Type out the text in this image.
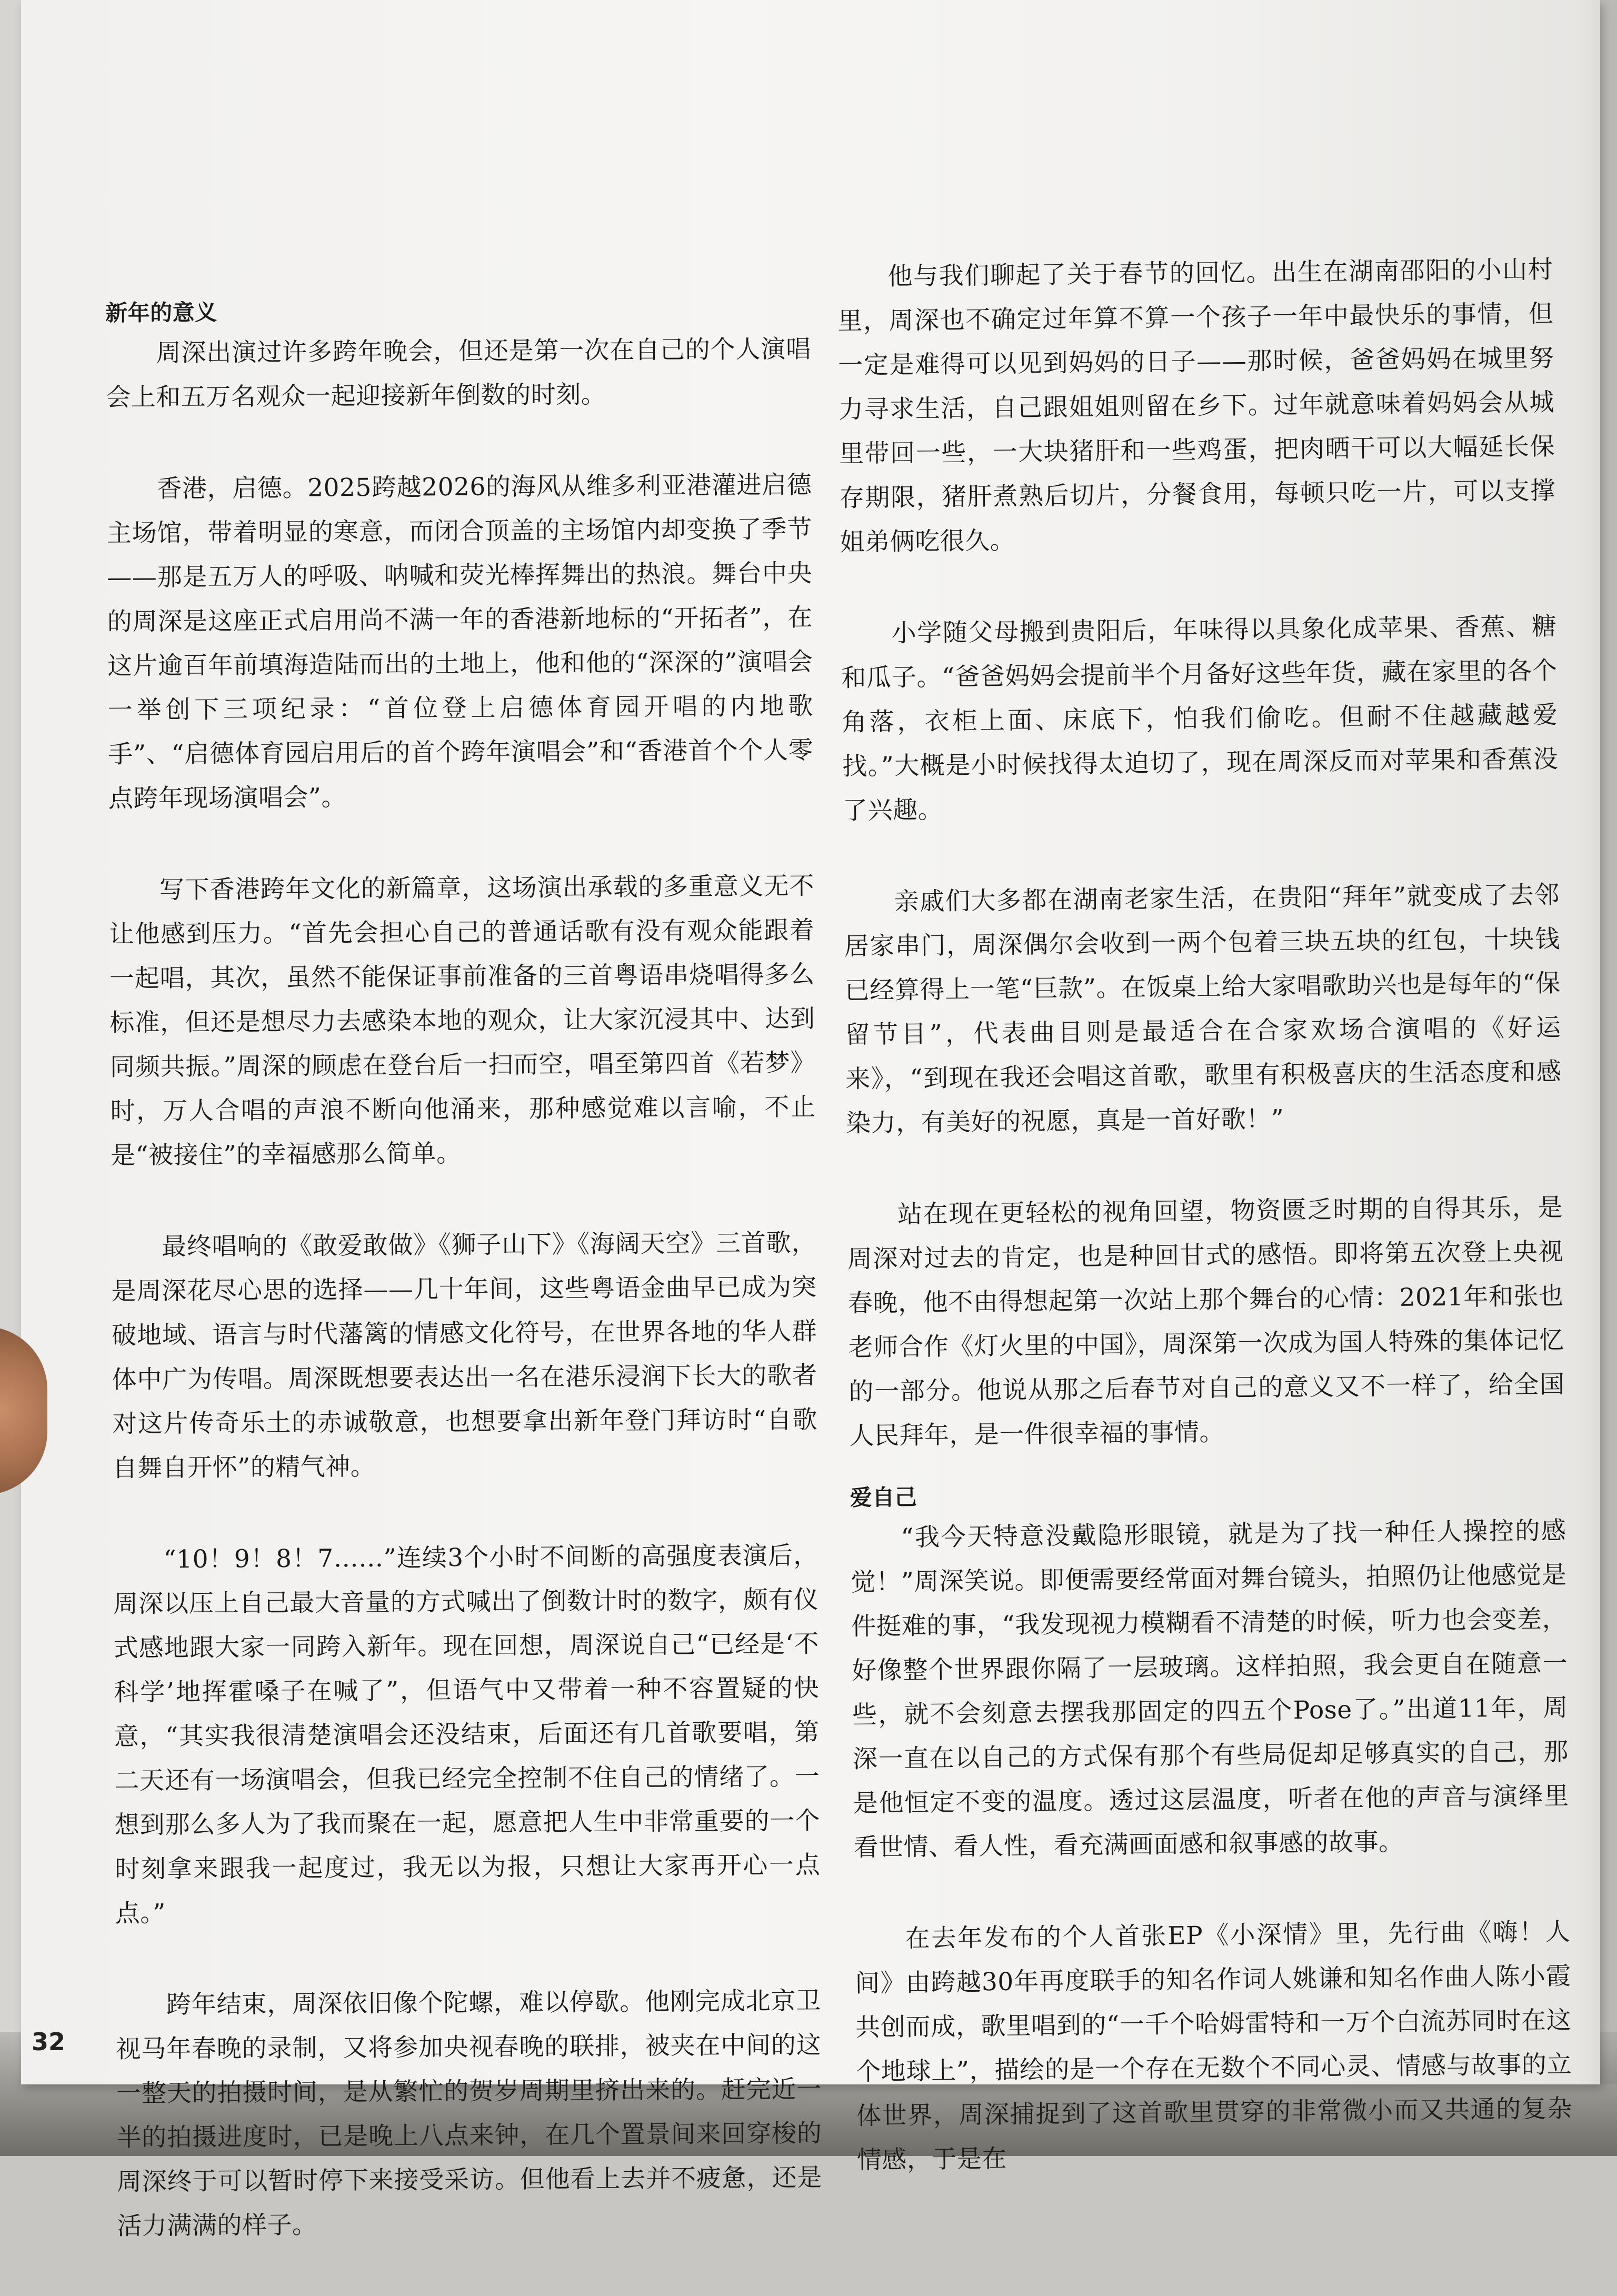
新年的意义

周深出演过许多跨年晚会，但还是第一次在自己的个人演唱会上和五万名观众一起迎接新年倒数的时刻。

香港，启德。2025跨越2026的海风从维多利亚港灌进启德主场馆，带着明显的寒意，而闭合顶盖的主场馆内却变换了季节——那是五万人的呼吸、呐喊和荧光棒挥舞出的热浪。舞台中央的周深是这座正式启用尚不满一年的香港新地标的“开拓者”，在这片逾百年前填海造陆而出的土地上，他和他的“深深的”演唱会一举创下三项纪录：“首位登上启德体育园开唱的内地歌手”、“启德体育园启用后的首个跨年演唱会”和“香港首个个人零点跨年现场演唱会”。

写下香港跨年文化的新篇章，这场演出承载的多重意义无不让他感到压力。“首先会担心自己的普通话歌有没有观众能跟着一起唱，其次，虽然不能保证事前准备的三首粤语串烧唱得多么标准，但还是想尽力去感染本地的观众，让大家沉浸其中、达到同频共振。”周深的顾虑在登台后一扫而空，唱至第四首《若梦》时，万人合唱的声浪不断向他涌来，那种感觉难以言喻，不止是“被接住”的幸福感那么简单。

最终唱响的《敢爱敢做》《狮子山下》《海阔天空》三首歌，是周深花尽心思的选择——几十年间，这些粤语金曲早已成为突破地域、语言与时代藩篱的情感文化符号，在世界各地的华人群体中广为传唱。周深既想要表达出一名在港乐浸润下长大的歌者对这片传奇乐土的赤诚敬意，也想要拿出新年登门拜访时“自歌自舞自开怀”的精气神。

“10！9！8！7……”连续3个小时不间断的高强度表演后，周深以压上自己最大音量的方式喊出了倒数计时的数字，颇有仪式感地跟大家一同跨入新年。现在回想，周深说自己“已经是‘不科学’地挥霍嗓子在喊了”，但语气中又带着一种不容置疑的快意，“其实我很清楚演唱会还没结束，后面还有几首歌要唱，第二天还有一场演唱会，但我已经完全控制不住自己的情绪了。一想到那么多人为了我而聚在一起，愿意把人生中非常重要的一个时刻拿来跟我一起度过，我无以为报，只想让大家再开心一点点。”

跨年结束，周深依旧像个陀螺，难以停歇。他刚完成北京卫视马年春晚的录制，又将参加央视春晚的联排，被夹在中间的这一整天的拍摄时间，是从繁忙的贺岁周期里挤出来的。赶完近一半的拍摄进度时，已是晚上八点来钟，在几个置景间来回穿梭的周深终于可以暂时停下来接受采访。但他看上去并不疲惫，还是活力满满的样子。

他与我们聊起了关于春节的回忆。出生在湖南邵阳的小山村里，周深也不确定过年算不算一个孩子一年中最快乐的事情，但一定是难得可以见到妈妈的日子——那时候，爸爸妈妈在城里努力寻求生活，自己跟姐姐则留在乡下。过年就意味着妈妈会从城里带回一些，一大块猪肝和一些鸡蛋，把肉晒干可以大幅延长保存期限，猪肝煮熟后切片，分餐食用，每顿只吃一片，可以支撑姐弟俩吃很久。

小学随父母搬到贵阳后，年味得以具象化成苹果、香蕉、糖和瓜子。“爸爸妈妈会提前半个月备好这些年货，藏在家里的各个角落，衣柜上面、床底下，怕我们偷吃。但耐不住越藏越爱找。”大概是小时候找得太迫切了，现在周深反而对苹果和香蕉没了兴趣。

亲戚们大多都在湖南老家生活，在贵阳“拜年”就变成了去邻居家串门，周深偶尔会收到一两个包着三块五块的红包，十块钱已经算得上一笔“巨款”。在饭桌上给大家唱歌助兴也是每年的“保留节目”，代表曲目则是最适合在合家欢场合演唱的《好运来》，“到现在我还会唱这首歌，歌里有积极喜庆的生活态度和感染力，有美好的祝愿，真是一首好歌！”

站在现在更轻松的视角回望，物资匮乏时期的自得其乐，是周深对过去的肯定，也是种回甘式的感悟。即将第五次登上央视春晚，他不由得想起第一次站上那个舞台的心情：2021年和张也老师合作《灯火里的中国》，周深第一次成为国人特殊的集体记忆的一部分。他说从那之后春节对自己的意义又不一样了，给全国人民拜年，是一件很幸福的事情。

爱自己

“我今天特意没戴隐形眼镜，就是为了找一种任人操控的感觉！”周深笑说。即便需要经常面对舞台镜头，拍照仍让他感觉是件挺难的事，“我发现视力模糊看不清楚的时候，听力也会变差，好像整个世界跟你隔了一层玻璃。这样拍照，我会更自在随意一些，就不会刻意去摆我那固定的四五个Pose了。”出道11年，周深一直在以自己的方式保有那个有些局促却足够真实的自己，那是他恒定不变的温度。透过这层温度，听者在他的声音与演绎里看世情、看人性，看充满画面感和叙事感的故事。

在去年发布的个人首张EP《小深情》里，先行曲《嗨！人间》由跨越30年再度联手的知名作词人姚谦和知名作曲人陈小霞共创而成，歌里唱到的“一千个哈姆雷特和一万个白流苏同时在这个地球上”，描绘的是一个存在无数个不同心灵、情感与故事的立体世界，周深捕捉到了这首歌里贯穿的非常微小而又共通的复杂情感，于是在

32
